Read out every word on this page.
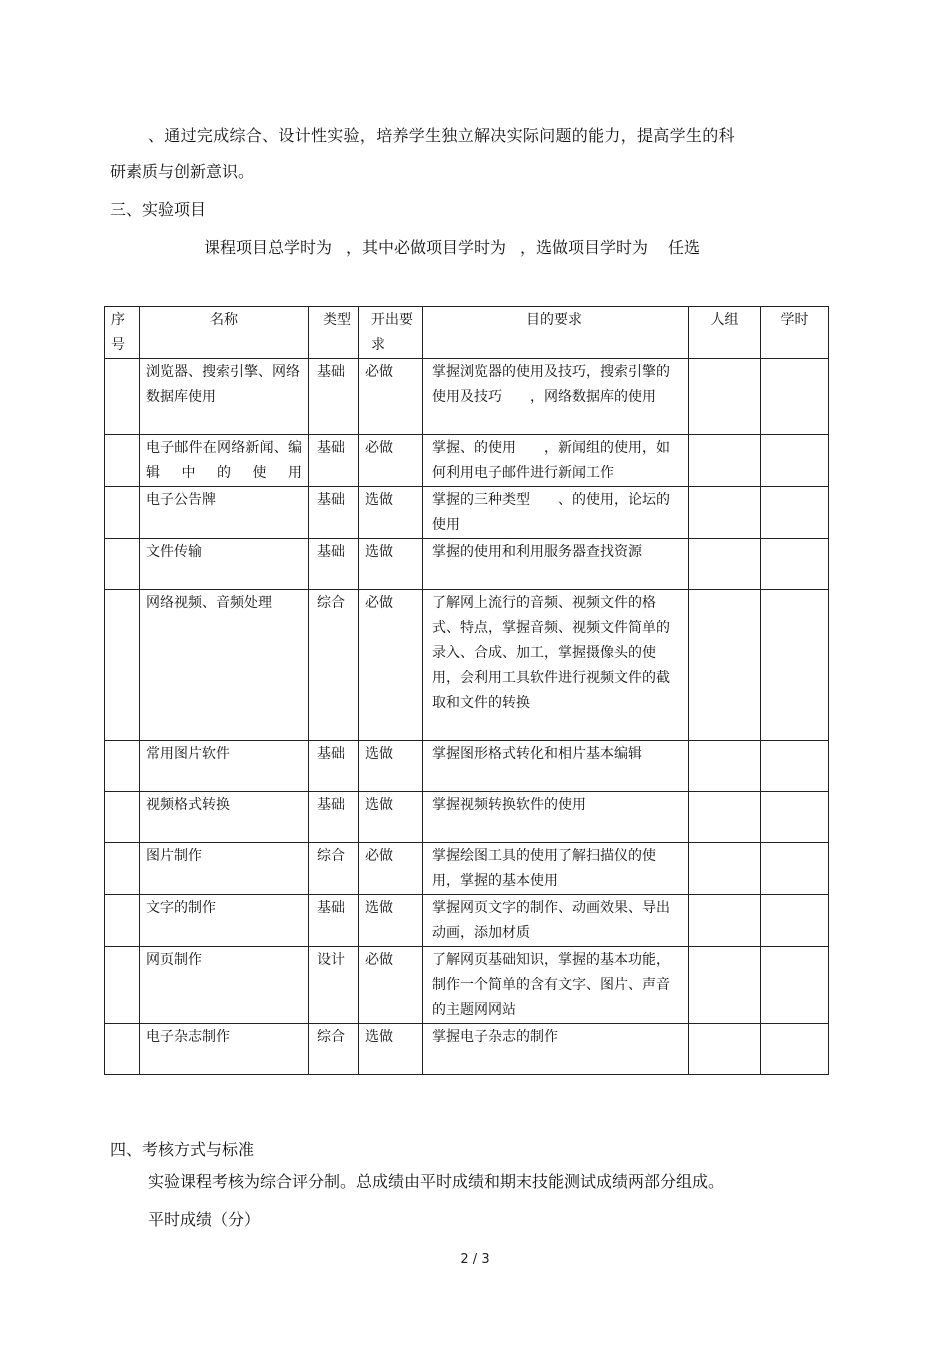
、通过完成综合、设计性实验，培养学生独立解决实际问题的能力，提高学生的科
研素质与创新意识。
三、实验项目
课程项目总学时为 ，其中必做项目学时为 ，选做项目学时为 任选
序号	名称	类型	开出要求	目的要求	人组	学时
	浏览器、搜索引擎、网络数据库使用	基础	必做	掌握浏览器的使用及技巧，搜索引擎的使用及技巧　　，网络数据库的使用		
	电子邮件在网络新闻、编辑中的使用	基础	必做	掌握、的使用　　，新闻组的使用，如何利用电子邮件进行新闻工作		
	电子公告牌	基础	选做	掌握的三种类型　　、的使用，论坛的使用		
	文件传输	基础	选做	掌握的使用和利用服务器查找资源		
	网络视频、音频处理	综合	必做	了解网上流行的音频、视频文件的格式、特点，掌握音频、视频文件简单的录入、合成、加工，掌握摄像头的使用，会利用工具软件进行视频文件的截取和文件的转换		
	常用图片软件	基础	选做	掌握图形格式转化和相片基本编辑		
	视频格式转换	基础	选做	掌握视频转换软件的使用		
	图片制作	综合	必做	掌握绘图工具的使用了解扫描仪的使用，掌握的基本使用		
	文字的制作	基础	选做	掌握网页文字的制作、动画效果、导出动画，添加材质		
	网页制作	设计	必做	了解网页基础知识，掌握的基本功能，制作一个简单的含有文字、图片、声音的主题网网站		
	电子杂志制作	综合	选做	掌握电子杂志的制作		
四、考核方式与标准
实验课程考核为综合评分制。总成绩由平时成绩和期末技能测试成绩两部分组成。
平时成绩（分）
2 / 3
